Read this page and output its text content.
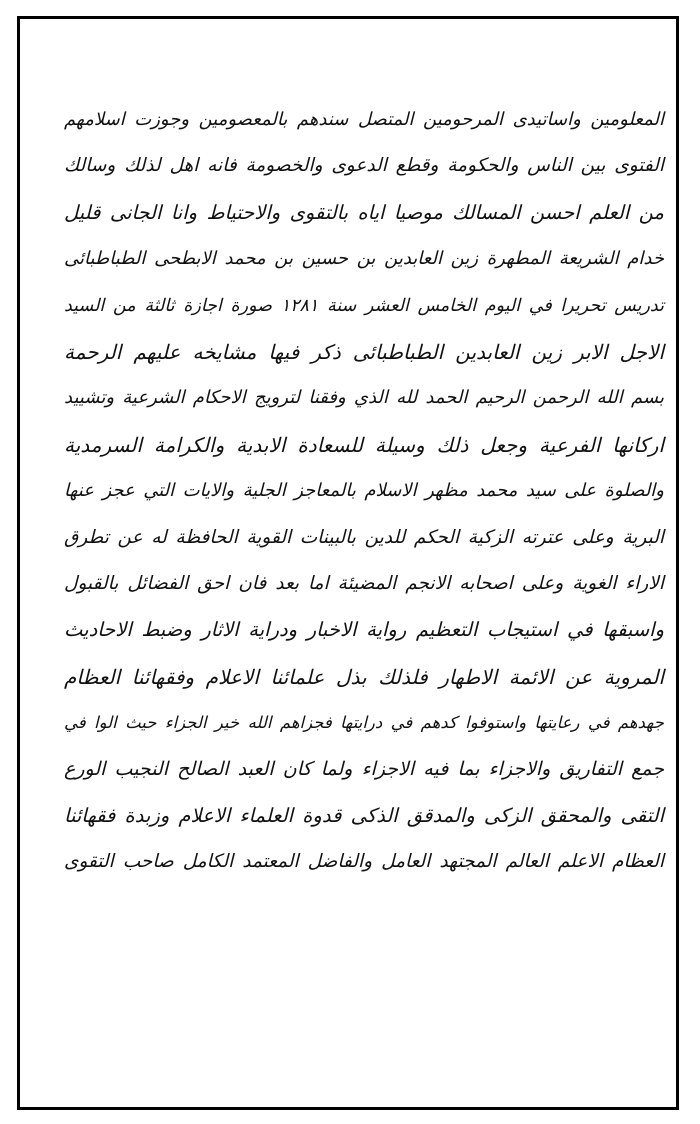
المعلومين واساتيدى المرحومين المتصل سندهم بالمعصومين وجوزت اسلامهم
الفتوى بين الناس والحكومة وقطع الدعوى والخصومة فانه اهل لذلك وسالك
من العلم احسن المسالك موصيا اياه بالتقوى والاحتياط وانا الجانى قليل
خدام الشريعة المطهرة زين العابدين بن حسين بن محمد الابطحى الطباطبائى
تدريس تحريرا في اليوم الخامس العشر سنة ١٢٨١ صورة اجازة ثالثة من السيد
الاجل الابر زين العابدين الطباطبائى ذكر فيها مشايخه عليهم الرحمة
بسم الله الرحمن الرحيم الحمد لله الذي وفقنا لترويج الاحكام الشرعية وتشييد
اركانها الفرعية وجعل ذلك وسيلة للسعادة الابدية والكرامة السرمدية
والصلوة على سيد محمد مظهر الاسلام بالمعاجز الجلية والايات التي عجز عنها
البرية وعلى عترته الزكية الحكم للدين بالبينات القوية الحافظة له عن تطرق
الاراء الغوية وعلى اصحابه الانجم المضيئة اما بعد فان احق الفضائل بالقبول
واسبقها في استيجاب التعظيم رواية الاخبار ودراية الاثار وضبط الاحاديث
المروية عن الائمة الاطهار فلذلك بذل علمائنا الاعلام وفقهائنا العظام
جهدهم في رعايتها واستوفوا كدهم في درايتها فجزاهم الله خير الجزاء حيث الوا في
جمع التفاريق والاجزاء بما فيه الاجزاء ولما كان العبد الصالح النجيب الورع
التقى والمحقق الزكى والمدقق الذكى قدوة العلماء الاعلام وزبدة فقهائنا
العظام الاعلم العالم المجتهد العامل والفاضل المعتمد الكامل صاحب التقوى
